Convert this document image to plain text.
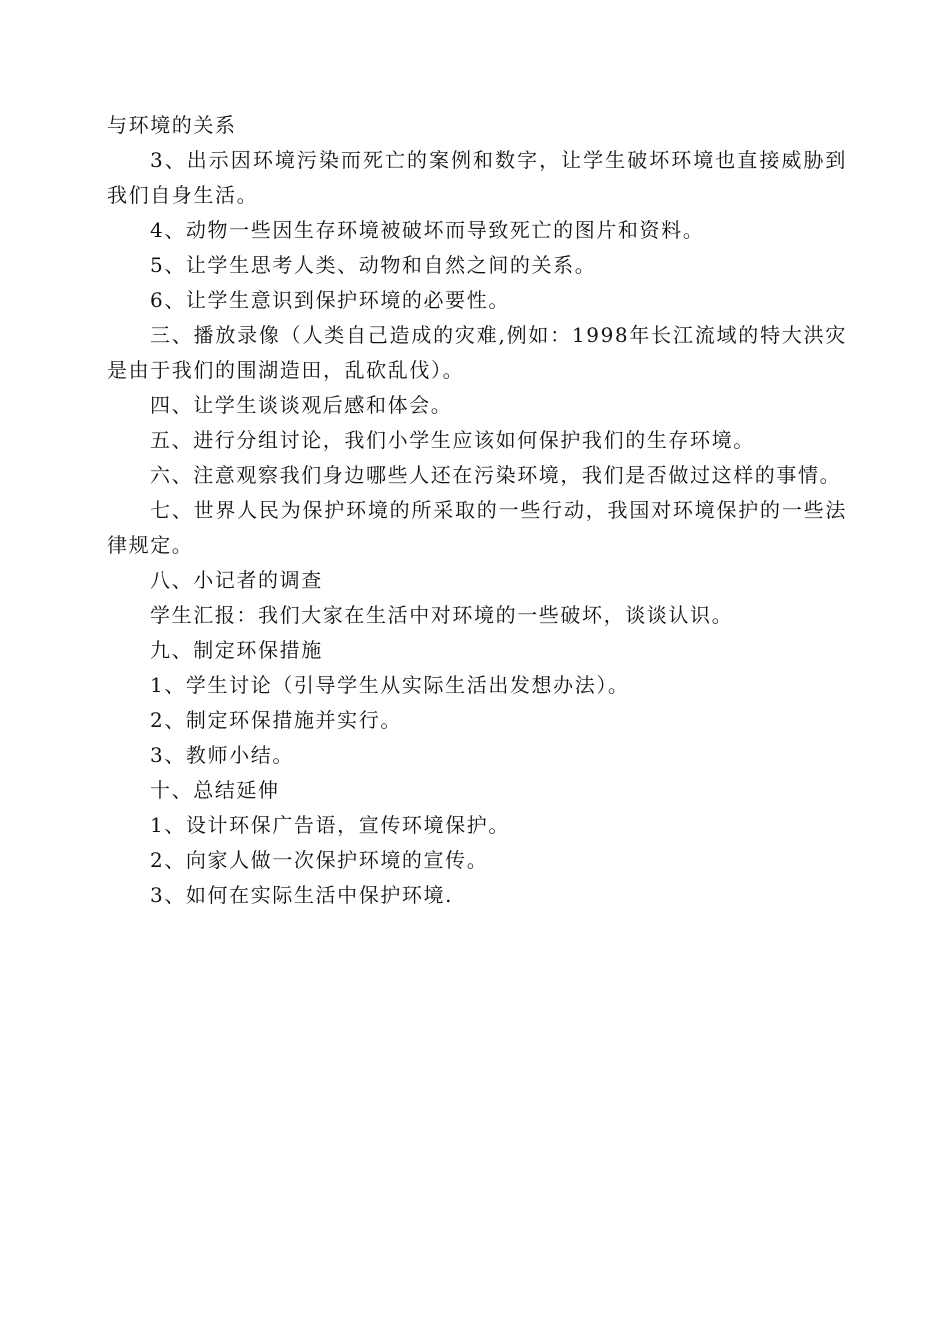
与环境的关系

3、出示因环境污染而死亡的案例和数字，让学生破坏环境也直接威胁到我们自身生活。

4、动物一些因生存环境被破坏而导致死亡的图片和资料。

5、让学生思考人类、动物和自然之间的关系。

6、让学生意识到保护环境的必要性。

三、播放录像（人类自己造成的灾难,例如：1998年长江流域的特大洪灾是由于我们的围湖造田，乱砍乱伐）。

四、让学生谈谈观后感和体会。

五、进行分组讨论，我们小学生应该如何保护我们的生存环境。

六、注意观察我们身边哪些人还在污染环境，我们是否做过这样的事情。

七、世界人民为保护环境的所采取的一些行动，我国对环境保护的一些法律规定。

八、小记者的调查

学生汇报：我们大家在生活中对环境的一些破坏，谈谈认识。

九、制定环保措施

1、学生讨论（引导学生从实际生活出发想办法）。

2、制定环保措施并实行。

3、教师小结。

十、总结延伸

1、设计环保广告语，宣传环境保护。

2、向家人做一次保护环境的宣传。

3、如何在实际生活中保护环境.
